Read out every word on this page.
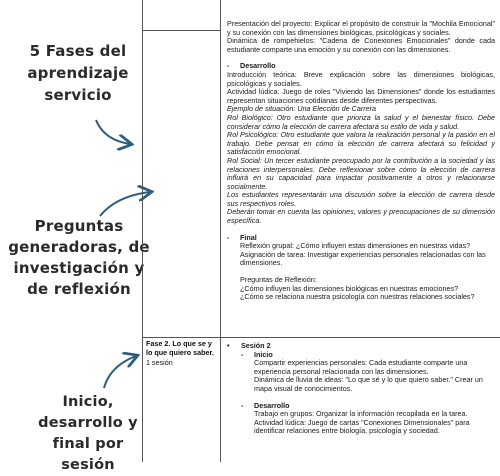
5 Fases del aprendizaje servicio
Preguntas generadoras, de investigación y de reflexión
Inicio, desarrollo y final por sesión

Presentación del proyecto: Explicar el propósito de construir la "Mochila Emocional" y su conexión con las dimensiones biológicas, psicológicas y sociales.

Dinámica de rompehielos: "Cadena de Conexiones Emocionales" donde cada estudiante comparte una emoción y su conexión con las dimensiones.

- Desarrollo

Introducción teórica: Breve explicación sobre las dimensiones biológicas, psicológicas y sociales.

Actividad lúdica: Juego de roles "Viviendo las Dimensiones" donde los estudiantes representan situaciones cotidianas desde diferentes perspectivas.

Ejemplo de situación: Una Elección de Carrera

Rol Biológico: Otro estudiante que prioriza la salud y el bienestar físico. Debe considerar cómo la elección de carrera afectará su estilo de vida y salud.

Rol Psicológico: Otro estudiante que valora la realización personal y la pasión en el trabajo. Debe pensar en cómo la elección de carrera afectará su felicidad y satisfacción emocional.

Rol Social: Un tercer estudiante preocupado por la contribución a la sociedad y las relaciones interpersonales. Debe reflexionar sobre cómo la elección de carrera influirá en su capacidad para impactar positivamente a otros y relacionarse socialmente.

Los estudiantes representarán una discusión sobre la elección de carrera desde sus respectivos roles.

Deberán tomar en cuenta las opiniones, valores y preocupaciones de su dimensión específica.

- Final

Reflexión grupal: ¿Cómo influyen estas dimensiones en nuestras vidas?

Asignación de tarea: Investigar experiencias personales relacionadas con las dimensiones.

Preguntas de Reflexión:

¿Cómo influyen las dimensiones biológicas en nuestras emociones?

¿Cómo se relaciona nuestra psicología con nuestras relaciones sociales?

Fase 2. Lo que se y lo que quiero saber.

1 sesión

• Sesión 2

- Inicio

Compartir experiencias personales: Cada estudiante comparte una experiencia personal relacionada con las dimensiones.

Dinámica de lluvia de ideas: "Lo que sé y lo que quiero saber." Crear un mapa visual de conocimientos.

- Desarrollo

Trabajo en grupos: Organizar la información recopilada en la tarea.

Actividad lúdica: Juego de cartas "Conexiones Dimensionales" para identificar relaciones entre biología, psicología y sociedad.
